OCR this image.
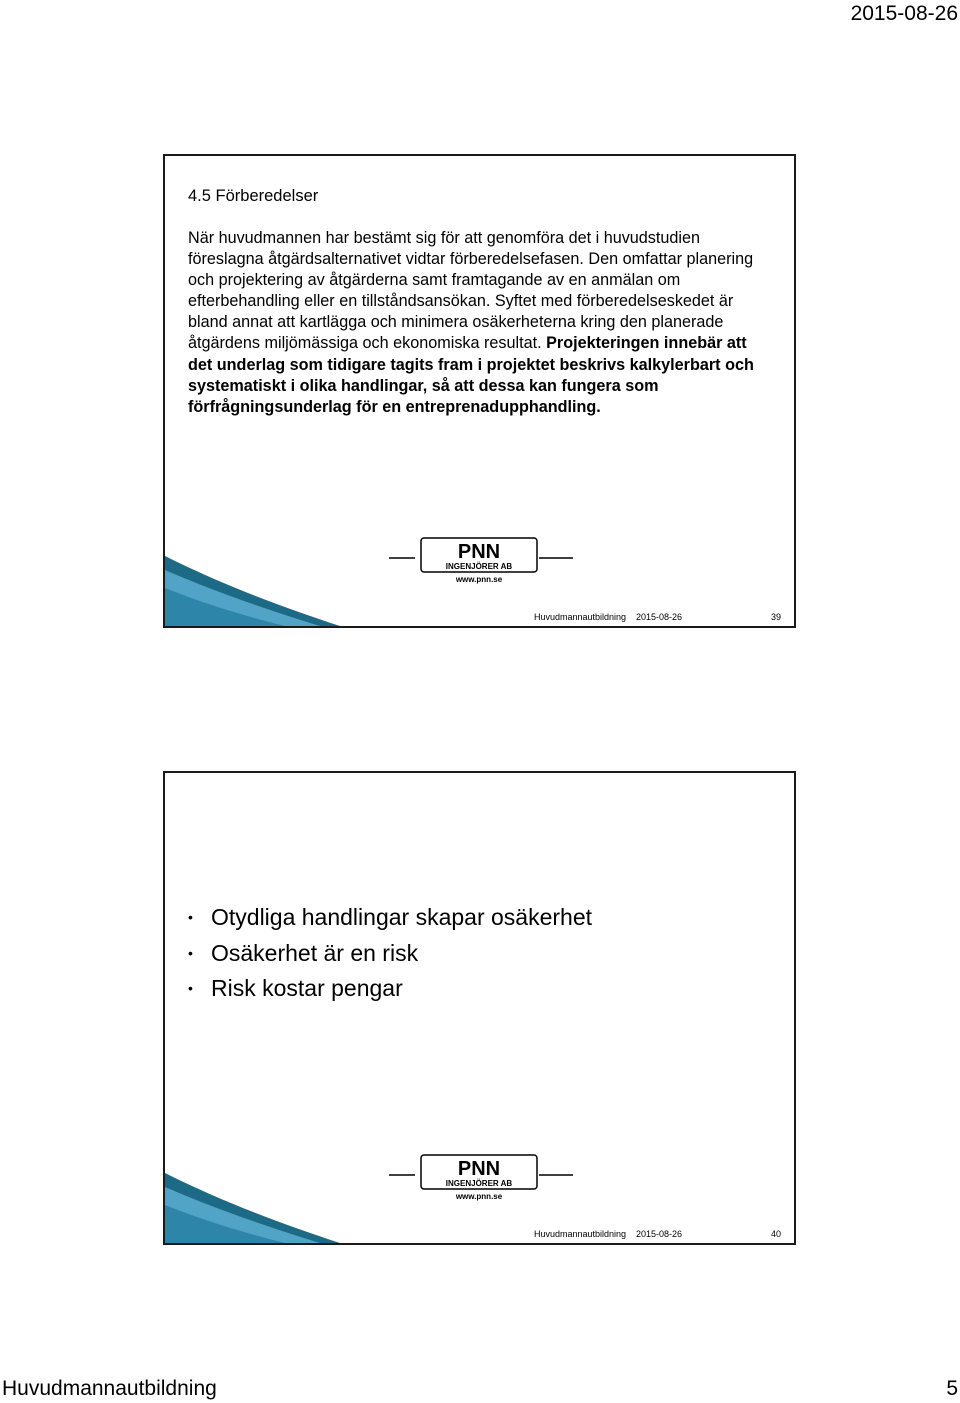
2015-08-26

4.5 Förberedelser

När huvudmannen har bestämt sig för att genomföra det i huvudstudien föreslagna åtgärdsalternativet vidtar förberedelsefasen. Den omfattar planering och projektering av åtgärderna samt framtagande av en anmälan om efterbehandling eller en tillståndsansökan. Syftet med förberedelseskedet är bland annat att kartlägga och minimera osäkerheterna kring den planerade åtgärdens miljömässiga och ekonomiska resultat. Projekteringen innebär att det underlag som tidigare tagits fram i projektet beskrivs kalkylerbart och systematiskt i olika handlingar, så att dessa kan fungera som förfrågningsunderlag för en entreprenadupphandling.

PNN
INGENJÖRER AB
www.pnn.se
Huvudmannautbildning 2015-08-26	39
• Otydliga handlingar skapar osäkerhet
• Osäkerhet är en risk
• Risk kostar pengar
PNN
INGENJÖRER AB
www.pnn.se
Huvudmannautbildning 2015-08-26	40
Huvudmannautbildning	5
